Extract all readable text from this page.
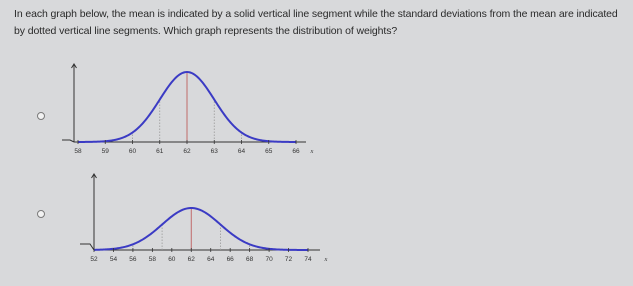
In each graph below, the mean is indicated by a solid vertical line segment while the standard deviations from the mean are indicated by dotted vertical line segments. Which graph represents the distribution of weights?
58	59	60	61	62	63	64	65	66 x
52 54 56 58 60 62 64 66 68 70 72 74 x
